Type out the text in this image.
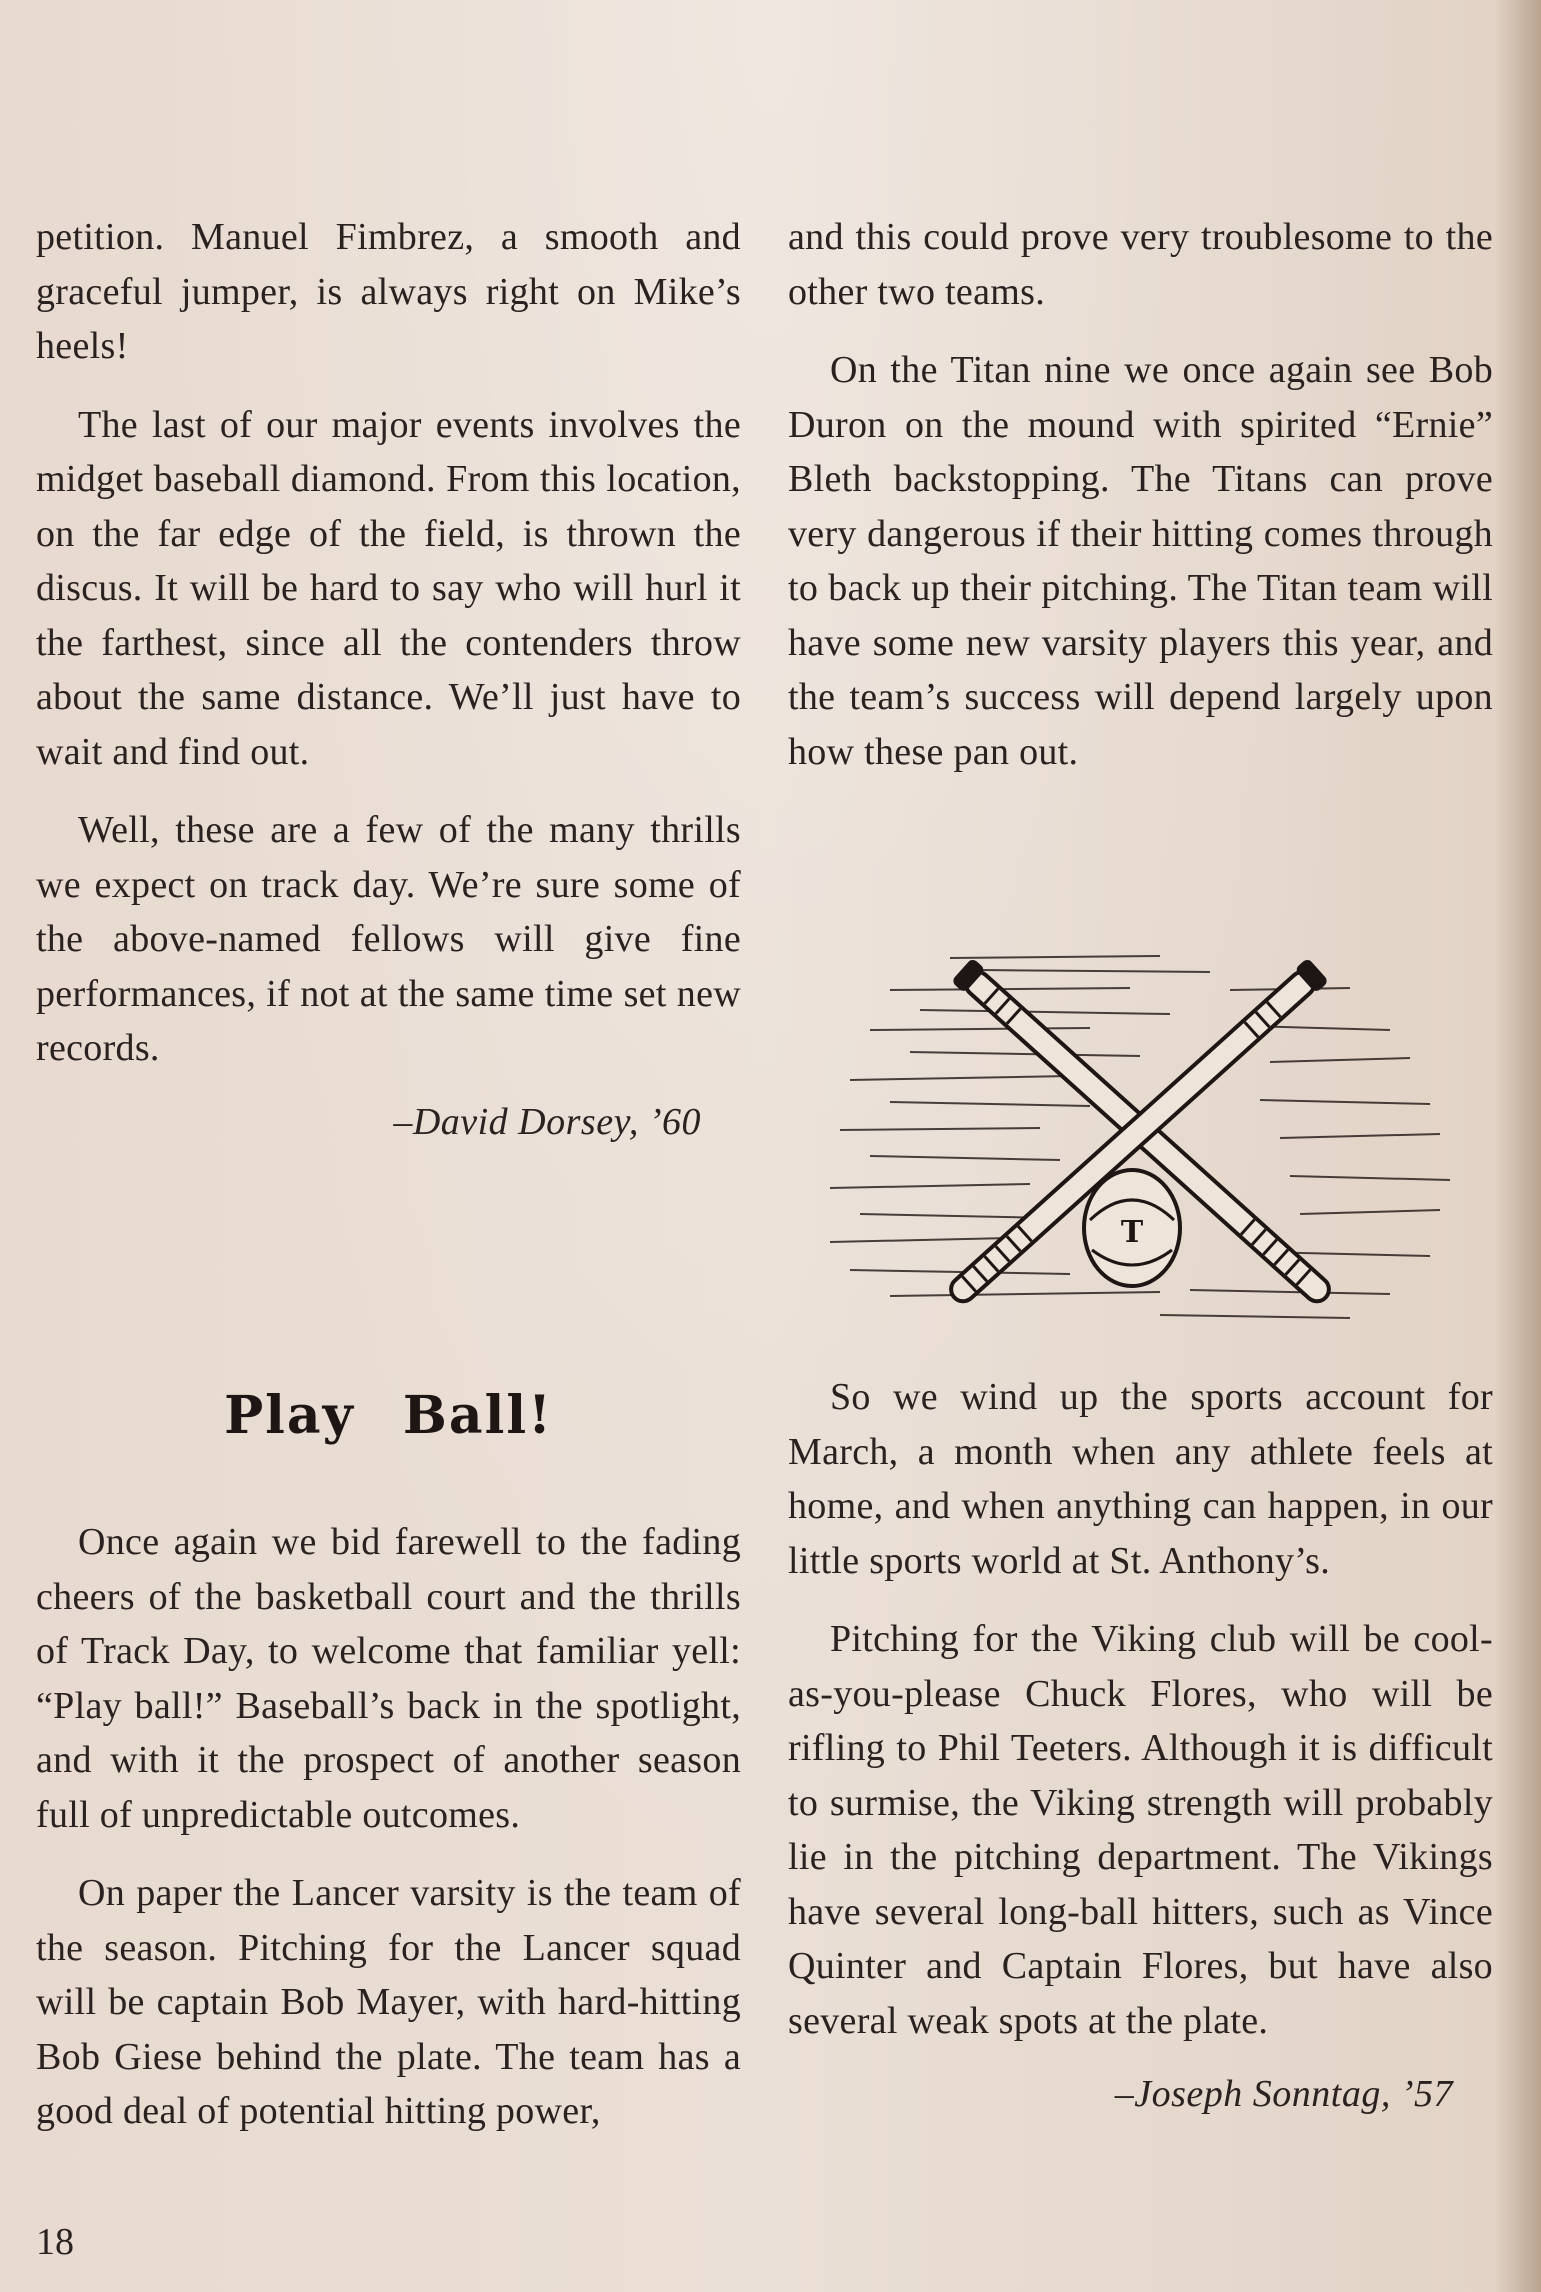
petition. Manuel Fimbrez, a smooth and graceful jumper, is always right on Mike’s heels!

The last of our major events involves the midget baseball diamond. From this location, on the far edge of the field, is thrown the discus. It will be hard to say who will hurl it the farthest, since all the contenders throw about the same distance. We’ll just have to wait and find out.

Well, these are a few of the many thrills we expect on track day. We’re sure some of the above-named fellows will give fine performances, if not at the same time set new records.

–David Dorsey, ’60
Play Ball!

Once again we bid farewell to the fading cheers of the basketball court and the thrills of Track Day, to welcome that familiar yell: “Play ball!” Baseball’s back in the spotlight, and with it the prospect of another season full of unpredictable outcomes.

On paper the Lancer varsity is the team of the season. Pitching for the Lancer squad will be captain Bob Mayer, with hard-hitting Bob Giese behind the plate. The team has a good deal of potential hitting power,

and this could prove very troublesome to the other two teams.

On the Titan nine we once again see Bob Duron on the mound with spirited “Ernie” Bleth backstopping. The Titans can prove very dangerous if their hitting comes through to back up their pitching. The Titan team will have some new varsity players this year, and the team’s success will depend largely upon how these pan out.

T

So we wind up the sports account for March, a month when any athlete feels at home, and when anything can happen, in our little sports world at St. Anthony’s.

Pitching for the Viking club will be cool-as-you-please Chuck Flores, who will be rifling to Phil Teeters. Although it is difficult to surmise, the Viking strength will probably lie in the pitching department. The Vikings have several long-ball hitters, such as Vince Quinter and Captain Flores, but have also several weak spots at the plate.

–Joseph Sonntag, ’57
18
